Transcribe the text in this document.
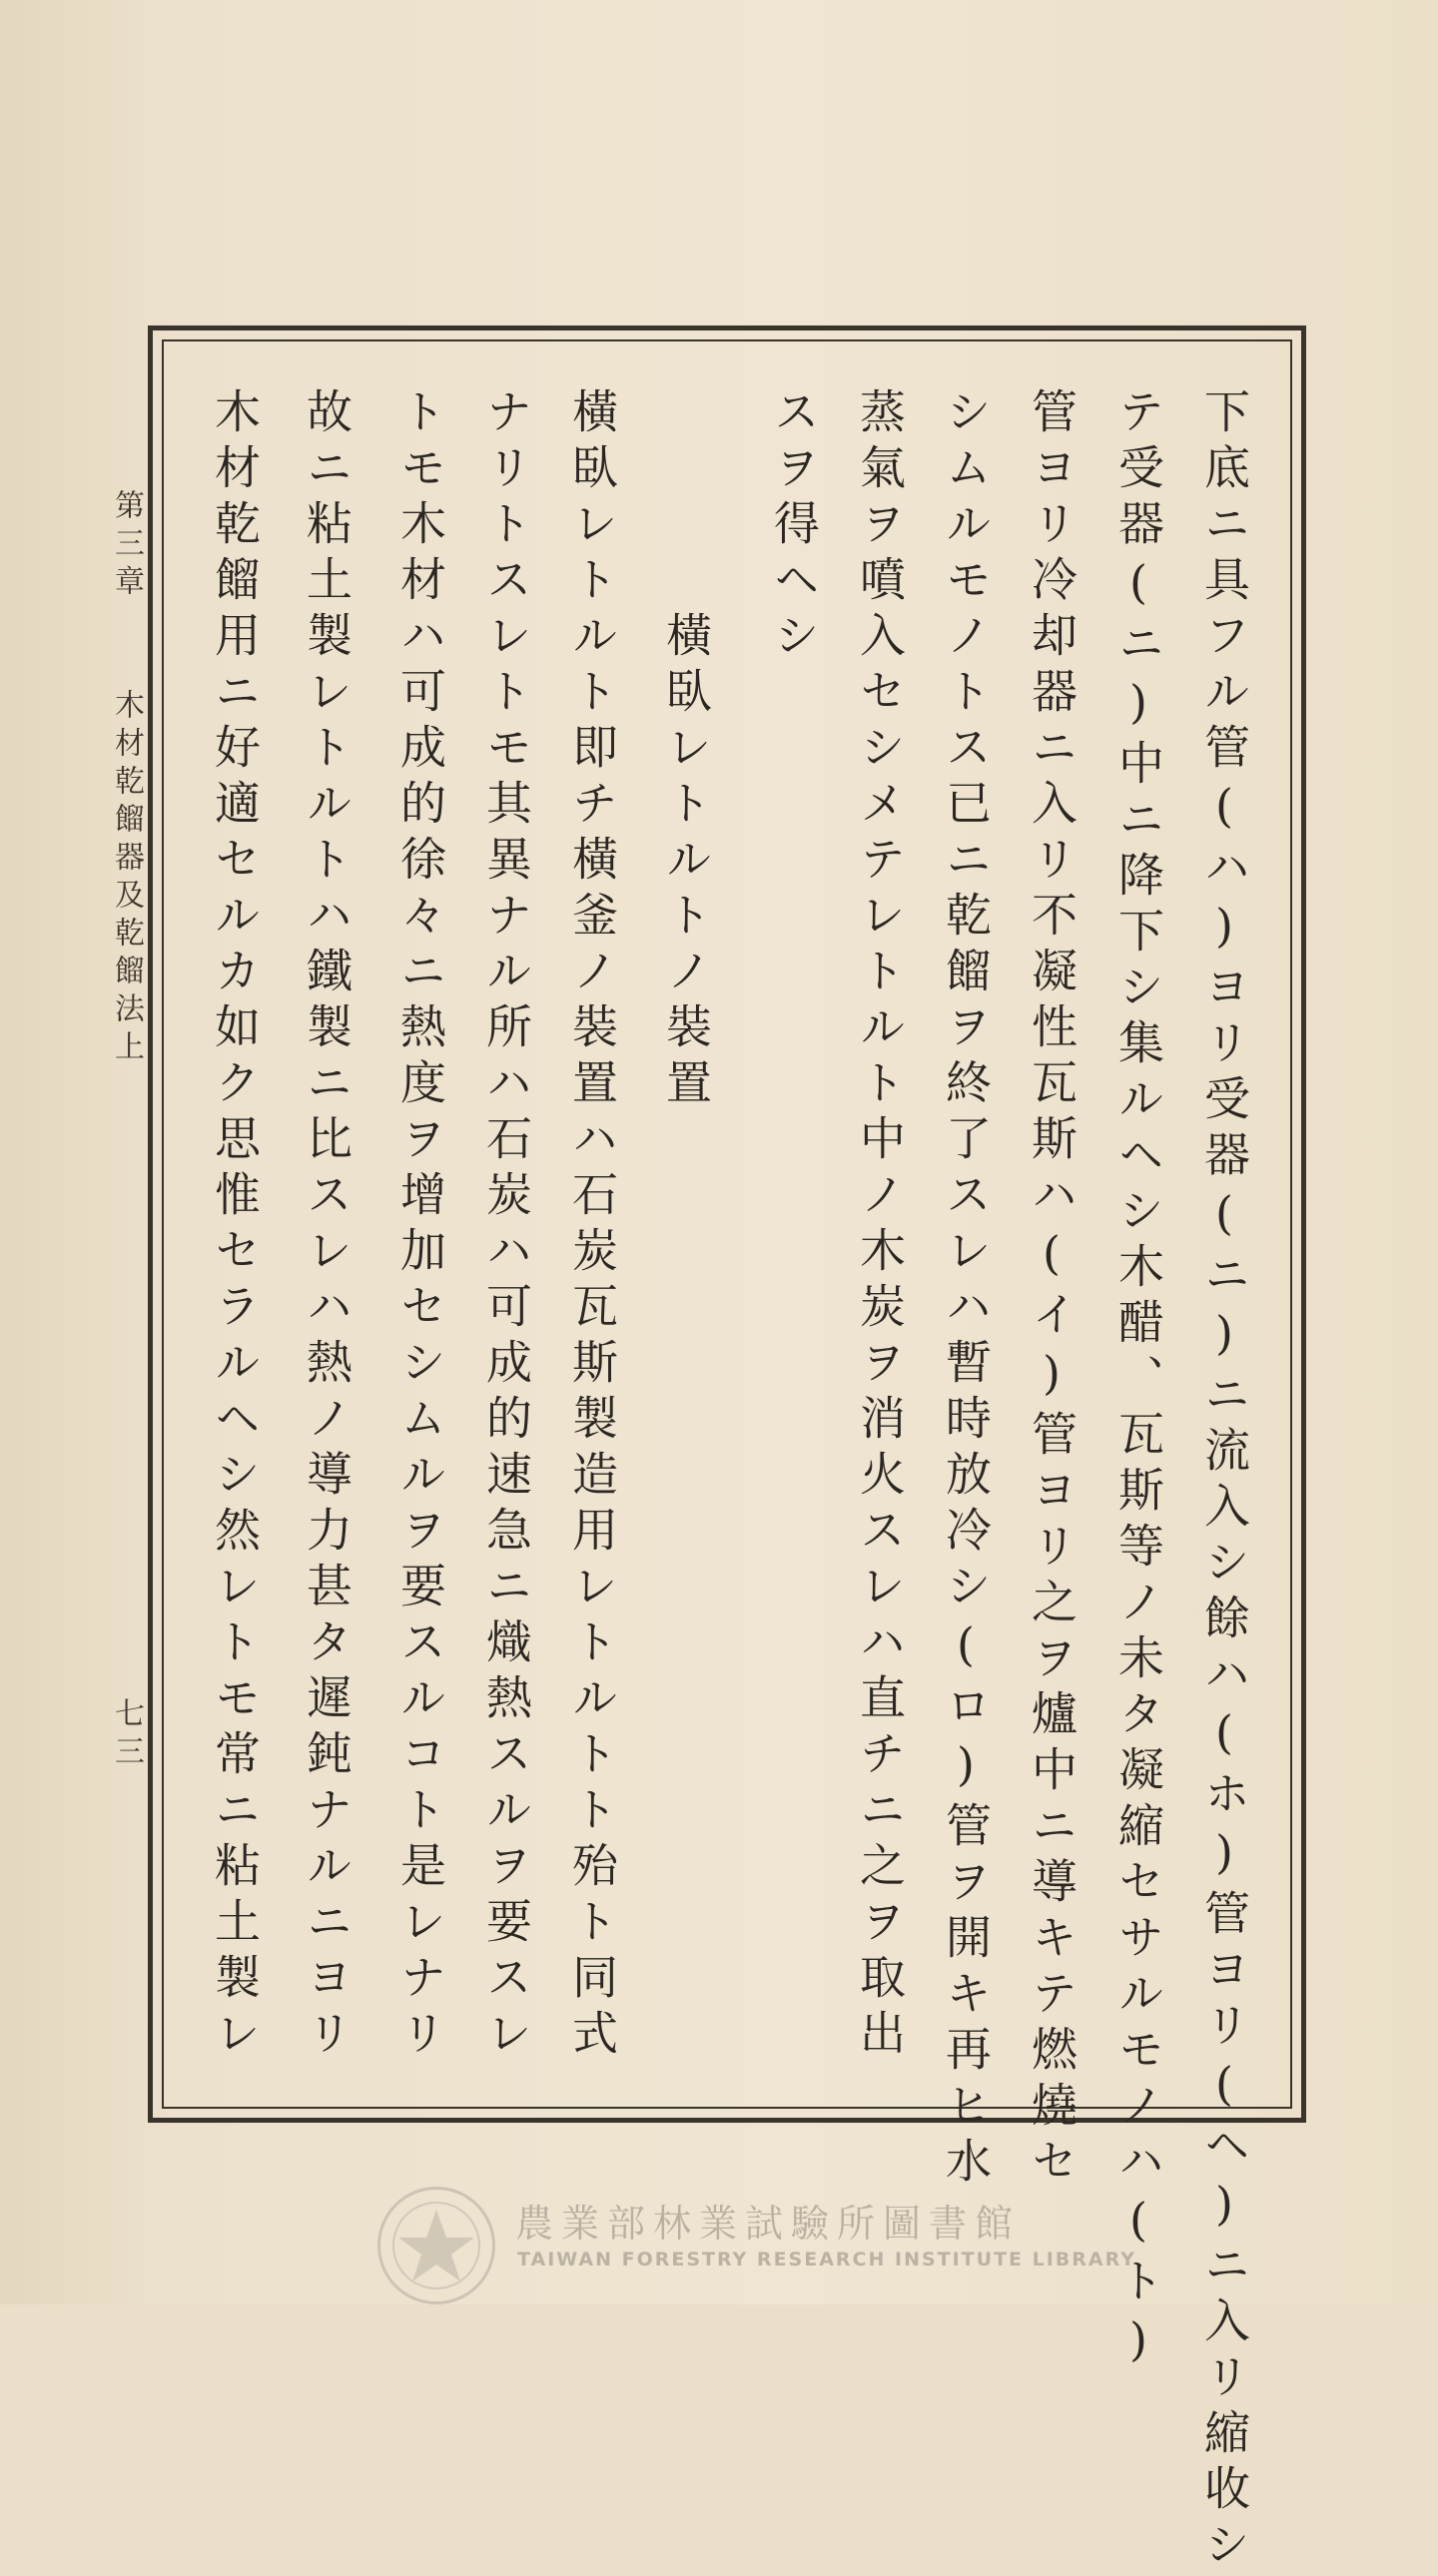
下底ニ具フル管(ハ)ヨリ受器(ニ)ニ流入シ餘ハ(ホ)管ヨリ(ヘ)ニ入リ縮收シ
テ受器(ニ)中ニ降下シ集ルヘシ木醋、瓦斯等ノ未タ凝縮セサルモノハ(ト)
管ヨリ冷却器ニ入リ不凝性瓦斯ハ(イ)管ヨリ之ヲ爐中ニ導キテ燃燒セ
シムルモノトス已ニ乾餾ヲ終了スレハ暫時放冷シ(ロ)管ヲ開キ再ヒ水
蒸氣ヲ噴入セシメテレトルト中ノ木炭ヲ消火スレハ直チニ之ヲ取出
スヲ得ヘシ
橫臥レトルトノ裝置
橫臥レトルト即チ橫釜ノ裝置ハ石炭瓦斯製造用レトルトト殆ト同式
ナリトスレトモ其異ナル所ハ石炭ハ可成的速急ニ熾熱スルヲ要スレ
トモ木材ハ可成的徐々ニ熱度ヲ增加セシムルヲ要スルコト是レナリ
故ニ粘土製レトルトハ鐵製ニ比スレハ熱ノ導力甚タ遲鈍ナルニヨリ
木材乾餾用ニ好適セルカ如ク思惟セラルヘシ然レトモ常ニ粘土製レ
第三章
木材乾餾器及乾餾法上
七三
農業部林業試驗所圖書館
TAIWAN FORESTRY RESEARCH INSTITUTE LIBRARY
